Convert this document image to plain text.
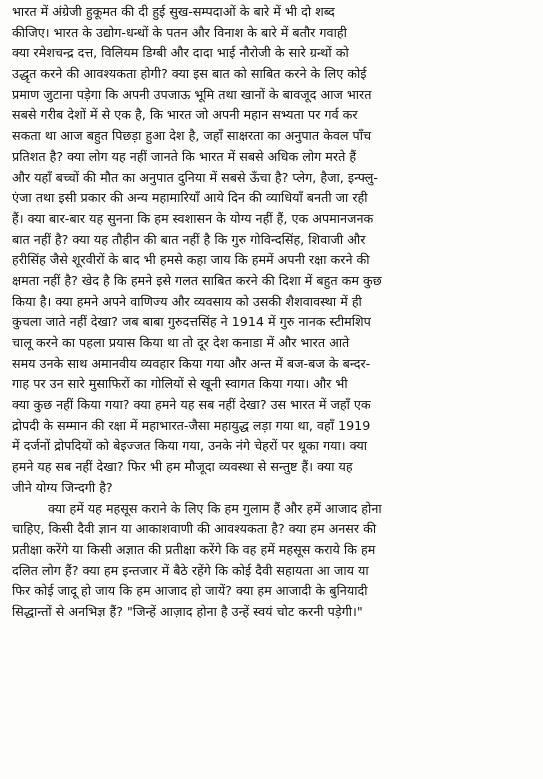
भारत में अंग्रेजी हुकूमत की दी हुई सुख-सम्पदाओं के बारे में भी दो शब्द
कीजिए। भारत के उद्योग-धन्धों के पतन और विनाश के बारे में बतौर गवाही
क्या रमेशचन्द्र दत्त, विलियम डिग्बी और दादा भाई नौरोजी के सारे ग्रन्थों को
उद्धृत करने की आवश्यकता होगी? क्या इस बात को साबित करने के लिए कोई
प्रमाण जुटाना पड़ेगा कि अपनी उपजाऊ भूमि तथा खानों के बावजूद आज भारत
सबसे गरीब देशों में से एक है, कि भारत जो अपनी महान सभ्यता पर गर्व कर
सकता था आज बहुत पिछड़ा हुआ देश है, जहाँ साक्षरता का अनुपात केवल पाँच
प्रतिशत है? क्या लोग यह नहीं जानते कि भारत में सबसे अधिक लोग मरते हैं
और यहाँ बच्चों की मौत का अनुपात दुनिया में सबसे ऊँचा है? प्लेग, हैजा, इन्फ्लु-
एंजा तथा इसी प्रकार की अन्य महामारियाँ आये दिन की व्याधियाँ बनती जा रही
हैं। क्या बार-बार यह सुनना कि हम स्वशासन के योग्य नहीं हैं, एक अपमानजनक
बात नहीं है? क्या यह तौहीन की बात नहीं है कि गुरु गोविन्दसिंह, शिवाजी और
हरीसिंह जैसे शूरवीरों के बाद भी हमसे कहा जाय कि हममें अपनी रक्षा करने की
क्षमता नहीं है? खेद है कि हमने इसे गलत साबित करने की दिशा में बहुत कम कुछ
किया है। क्या हमने अपने वाणिज्य और व्यवसाय को उसकी शैशवावस्था में ही
कुचला जाते नहीं देखा? जब बाबा गुरुदत्तसिंह ने 1914 में गुरु नानक स्टीमशिप
चालू करने का पहला प्रयास किया था तो दूर देश कनाडा में और भारत आते
समय उनके साथ अमानवीय व्यवहार किया गया और अन्त में बज-बज के बन्दर-
गाह पर उन सारे मुसाफिरों का गोलियों से खूनी स्वागत किया गया। और भी
क्या कुछ नहीं किया गया? क्या हमने यह सब नहीं देखा? उस भारत में जहाँ एक
द्रोपदी के सम्मान की रक्षा में महाभारत-जैसा महायुद्ध लड़ा गया था, वहाँ 1919
में दर्जनों द्रोपदियों को बेइज्जत किया गया, उनके नंगे चेहरों पर थूका गया। क्या
हमने यह सब नहीं देखा? फिर भी हम मौजूदा व्यवस्था से सन्तुष्ट हैं। क्या यह
जीने योग्य जिन्दगी है?
क्या हमें यह महसूस कराने के लिए कि हम गुलाम हैं और हमें आजाद होना
चाहिए, किसी दैवी ज्ञान या आकाशवाणी की आवश्यकता है? क्या हम अनसर की
प्रतीक्षा करेंगे या किसी अज्ञात की प्रतीक्षा करेंगे कि वह हमें महसूस कराये कि हम
दलित लोग हैं? क्या हम इन्तजार में बैठे रहेंगे कि कोई दैवी सहायता आ जाय या
फिर कोई जादू हो जाय कि हम आजाद हो जायें? क्या हम आजादी के बुनियादी
सिद्धान्तों से अनभिज्ञ हैं? "जिन्हें आज़ाद होना है उन्हें स्वयं चोट करनी पड़ेगी।"
